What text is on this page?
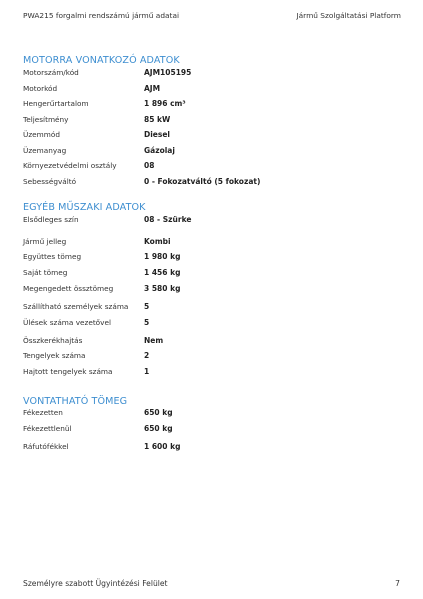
PWA215 forgalmi rendszámú jármű adatai	Jármű Szolgáltatási Platform
MOTORRA VONATKOZÓ ADATOK
Motorszám/kód	AJM105195
Motorkód	AJM
Hengerűrtartalom	1 896 cm³
Teljesítmény	85 kW
Üzemmód	Diesel
Üzemanyag	Gázolaj
Környezetvédelmi osztály	08
Sebességváltó	0 - Fokozatváltó (5 fokozat)
EGYÉB MŰSZAKI ADATOK
Elsődleges szín	08 - Szürke
Jármű jelleg	Kombi
Együttes tömeg	1 980 kg
Saját tömeg	1 456 kg
Megengedett össztömeg	3 580 kg
Szállítható személyek száma 5
Ülések száma vezetővel	5
Összkerékhajtás	Nem
Tengelyek száma	2
Hajtott tengelyek száma	1
VONTATHATÓ TÖMEG
Fékezetten	650 kg
Fékezettlenül	650 kg
Ráfutófékkel	1 600 kg
Személyre szabott Ügyintézési Felület	7
